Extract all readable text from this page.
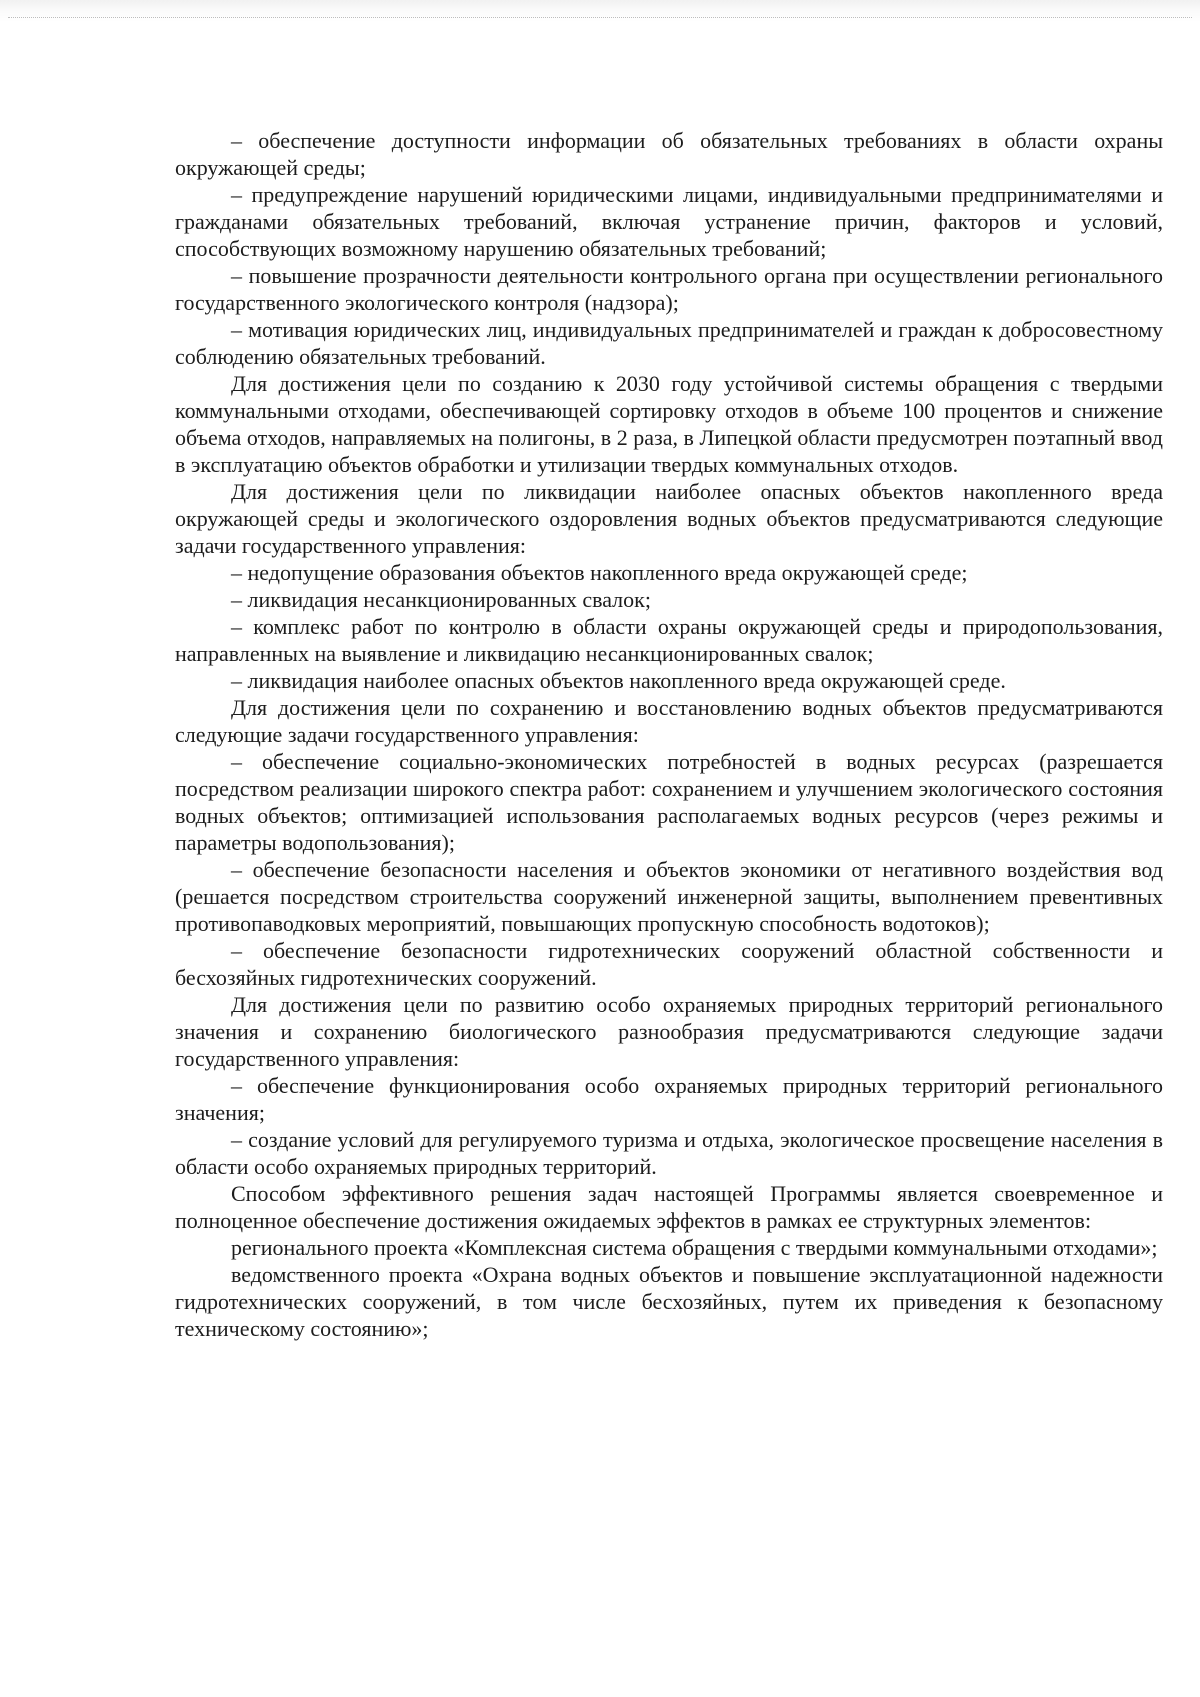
– обеспечение доступности информации об обязательных требованиях в области охраны окружающей среды;

– предупреждение нарушений юридическими лицами, индивидуальными предпринимателями и гражданами обязательных требований, включая устранение причин, факторов и условий, способствующих возможному нарушению обязательных требований;

– повышение прозрачности деятельности контрольного органа при осуществлении регионального государственного экологического контроля (надзора);

– мотивация юридических лиц, индивидуальных предпринимателей и граждан к добросовестному соблюдению обязательных требований.

Для достижения цели по созданию к 2030 году устойчивой системы обращения с твердыми коммунальными отходами, обеспечивающей сортировку отходов в объеме 100 процентов и снижение объема отходов, направляемых на полигоны, в 2 раза, в Липецкой области предусмотрен поэтапный ввод в эксплуатацию объектов обработки и утилизации твердых коммунальных отходов.

Для достижения цели по ликвидации наиболее опасных объектов накопленного вреда окружающей среды и экологического оздоровления водных объектов предусматриваются следующие задачи государственного управления:

– недопущение образования объектов накопленного вреда окружающей среде;

– ликвидация несанкционированных свалок;

– комплекс работ по контролю в области охраны окружающей среды и природопользования, направленных на выявление и ликвидацию несанкционированных свалок;

– ликвидация наиболее опасных объектов накопленного вреда окружающей среде.

Для достижения цели по сохранению и восстановлению водных объектов предусматриваются следующие задачи государственного управления:

– обеспечение социально-экономических потребностей в водных ресурсах (разрешается посредством реализации широкого спектра работ: сохранением и улучшением экологического состояния водных объектов; оптимизацией использования располагаемых водных ресурсов (через режимы и параметры водопользования);

– обеспечение безопасности населения и объектов экономики от негативного воздействия вод (решается посредством строительства сооружений инженерной защиты, выполнением превентивных противопаводковых мероприятий, повышающих пропускную способность водотоков);

– обеспечение безопасности гидротехнических сооружений областной собственности и бесхозяйных гидротехнических сооружений.

Для достижения цели по развитию особо охраняемых природных территорий регионального значения и сохранению биологического разнообразия предусматриваются следующие задачи государственного управления:

– обеспечение функционирования особо охраняемых природных территорий регионального значения;

– создание условий для регулируемого туризма и отдыха, экологическое просвещение населения в области особо охраняемых природных территорий.

Способом эффективного решения задач настоящей Программы является своевременное и полноценное обеспечение достижения ожидаемых эффектов в рамках ее структурных элементов:

регионального проекта «Комплексная система обращения с твердыми коммунальными отходами»;

ведомственного проекта «Охрана водных объектов и повышение эксплуатационной надежности гидротехнических сооружений, в том числе бесхозяйных, путем их приведения к безопасному техническому состоянию»;
